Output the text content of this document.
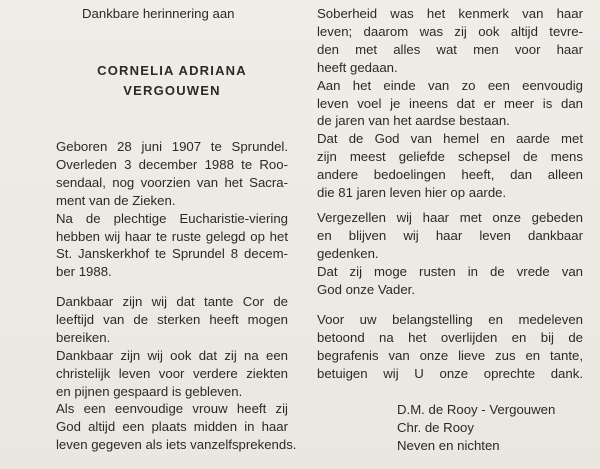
Dankbare herinnering aan
CORNELIA ADRIANA
VERGOUWEN
Geboren 28 juni 1907 te Sprundel.
Overleden 3 december 1988 te Roo-
sendaal, nog voorzien van het Sacra-
ment van de Zieken.
Na de plechtige Eucharistie-viering
hebben wij haar te ruste gelegd op het
St. Janskerkhof te Sprundel 8 decem-
ber 1988.
Dankbaar zijn wij dat tante Cor de
leeftijd van de sterken heeft mogen
bereiken.
Dankbaar zijn wij ook dat zij na een
christelijk leven voor verdere ziekten
en pijnen gespaard is gebleven.
Als een eenvoudige vrouw heeft zij
God altijd een plaats midden in haar
leven gegeven als iets vanzelfsprekends.
Soberheid was het kenmerk van haar
leven; daarom was zij ook altijd tevre-
den met alles wat men voor haar
heeft gedaan.
Aan het einde van zo een eenvoudig
leven voel je ineens dat er meer is dan
de jaren van het aardse bestaan.
Dat de God van hemel en aarde met
zijn meest geliefde schepsel de mens
andere bedoelingen heeft, dan alleen
die 81 jaren leven hier op aarde.
Vergezellen wij haar met onze gebeden
en blijven wij haar leven dankbaar
gedenken.
Dat zij moge rusten in de vrede van
God onze Vader.
Voor uw belangstelling en medeleven
betoond na het overlijden en bij de
begrafenis van onze lieve zus en tante,
betuigen wij U onze oprechte dank.
D.M. de Rooy - Vergouwen
Chr. de Rooy
Neven en nichten
